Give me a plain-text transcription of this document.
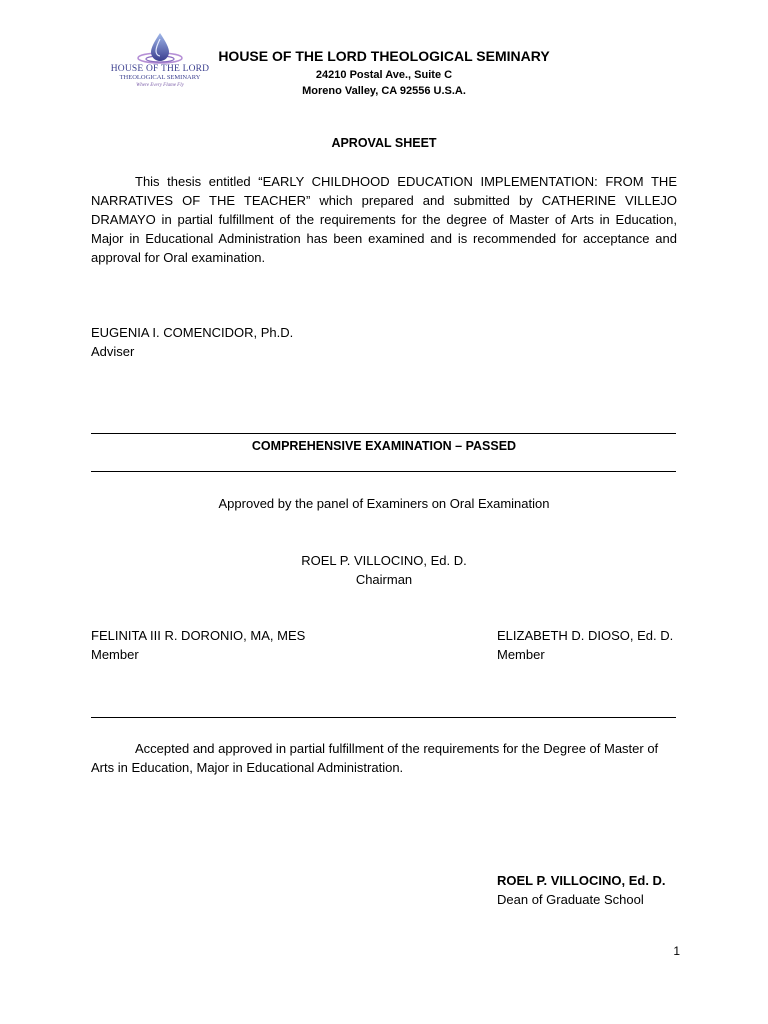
HOUSE OF THE LORD
THEOLOGICAL SEMINARY
Where Every Flame Fly
HOUSE OF THE LORD THEOLOGICAL SEMINARY
24210 Postal Ave., Suite C
Moreno Valley, CA 92556 U.S.A.
APROVAL SHEET
This thesis entitled “EARLY CHILDHOOD EDUCATION IMPLEMENTATION: FROM THE NARRATIVES OF THE TEACHER” which prepared and submitted by CATHERINE VILLEJO DRAMAYO in partial fulfillment of the requirements for the degree of Master of Arts in Education, Major in Educational Administration has been examined and is recommended for acceptance and approval for Oral examination.
EUGENIA I. COMENCIDOR, Ph.D.
Adviser
COMPREHENSIVE EXAMINATION – PASSED
Approved by the panel of Examiners on Oral Examination
ROEL P. VILLOCINO, Ed. D.
Chairman
FELINITA III R. DORONIO, MA, MES
Member
ELIZABETH D. DIOSO, Ed. D.
Member
Accepted and approved in partial fulfillment of the requirements for the Degree of Master of Arts in Education, Major in Educational Administration.
ROEL P. VILLOCINO, Ed. D.
Dean of Graduate School
1
